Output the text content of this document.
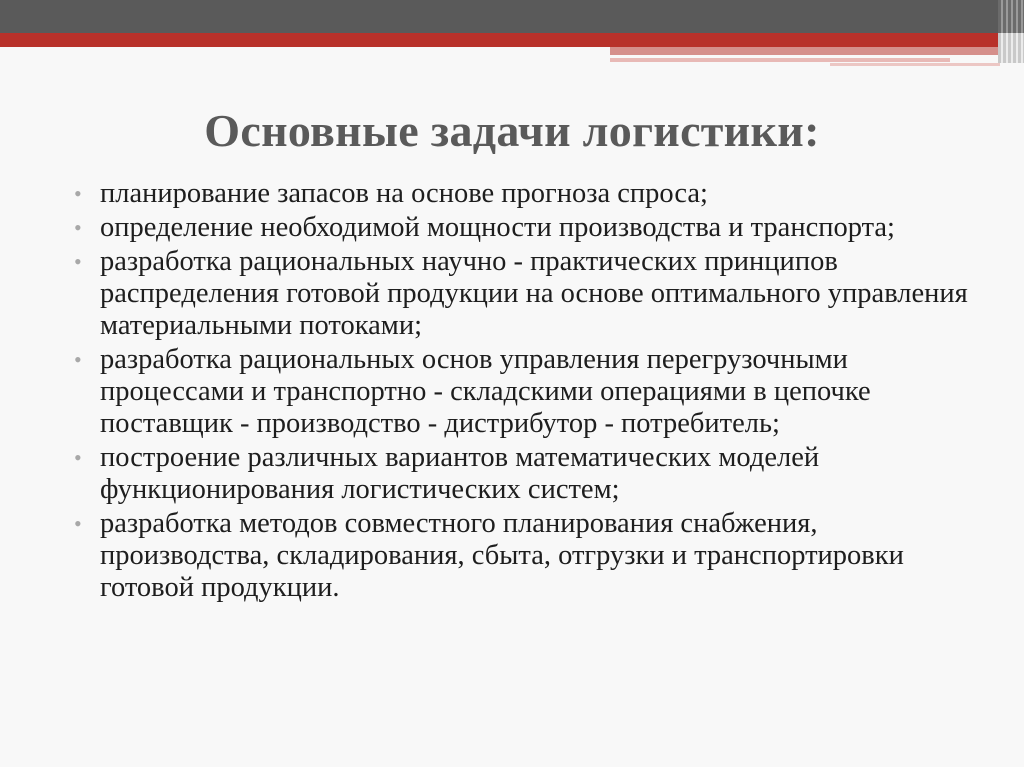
Основные задачи логистики:
• планирование запасов на основе прогноза спроса;
• определение необходимой мощности производства и транспорта;
• разработка рациональных научно - практических принципов распределения готовой продукции на основе оптимального управления материальными потоками;
• разработка рациональных основ управления перегрузочными процессами и транспортно - складскими операциями в цепочке поставщик - производство - дистрибутор - потребитель;
• построение различных вариантов математических моделей функционирования логистических систем;
• разработка методов совместного планирования снабжения, производства, складирования, сбыта, отгрузки и транспортировки готовой продукции.
